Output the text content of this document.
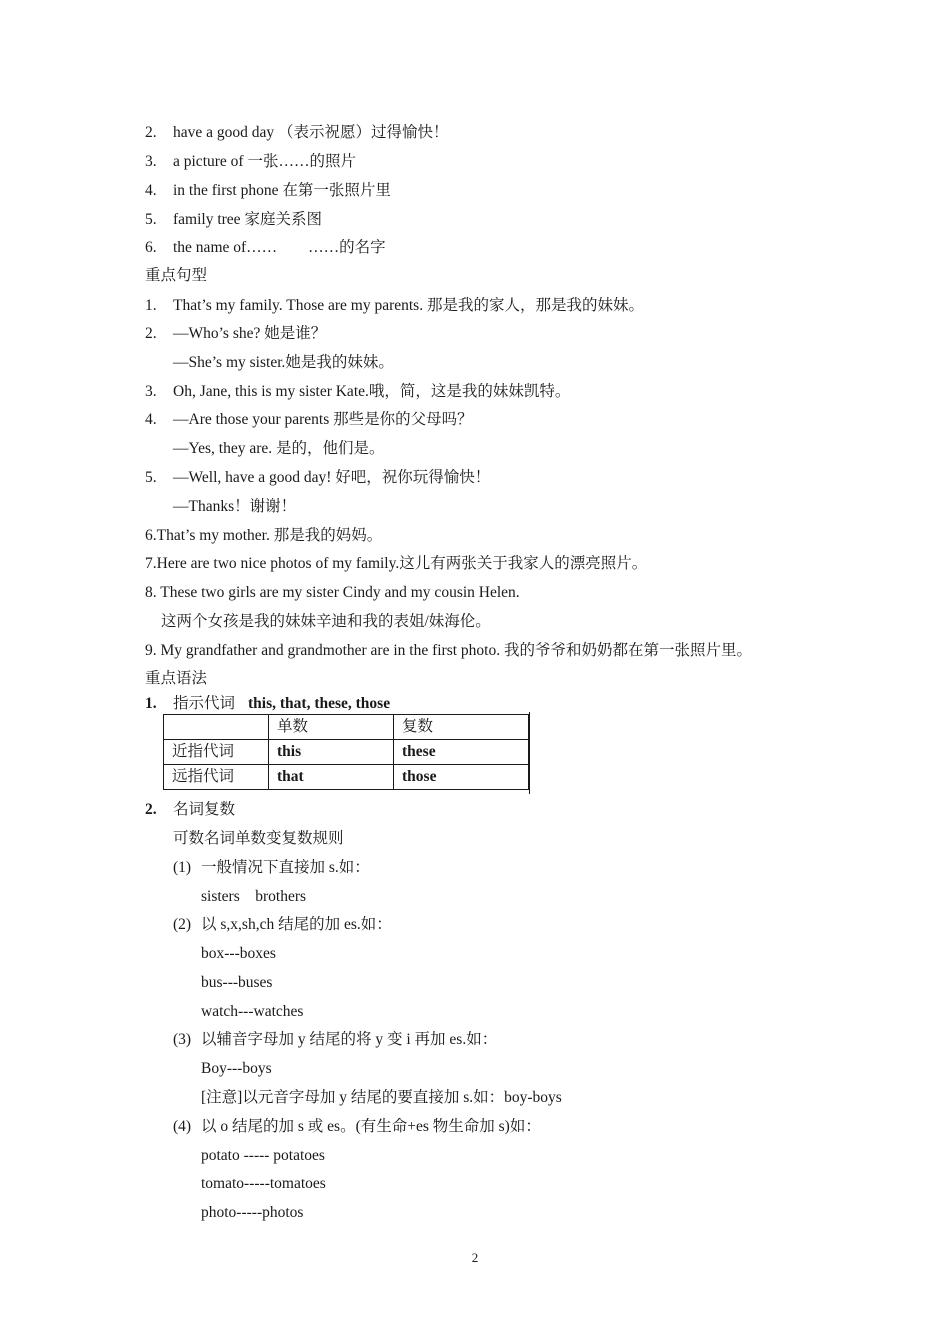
2. have a good day （表示祝愿）过得愉快！
3. a picture of 一张……的照片
4. in the first phone 在第一张照片里
5. family tree 家庭关系图
6. the name of……　　……的名字
重点句型
1. That’s my family. Those are my parents. 那是我的家人，那是我的妹妹。
2. —Who’s she? 她是谁？
—She’s my sister.她是我的妹妹。
3. Oh, Jane, this is my sister Kate.哦，简，这是我的妹妹凯特。
4. —Are those your parents 那些是你的父母吗？
—Yes, they are. 是的，他们是。
5. —Well, have a good day! 好吧，祝你玩得愉快！
—Thanks！谢谢！
6.That’s my mother. 那是我的妈妈。
7.Here are two nice photos of my family.这儿有两张关于我家人的漂亮照片。
8. These two girls are my sister Cindy and my cousin Helen.
这两个女孩是我的妹妹辛迪和我的表姐/妹海伦。
9. My grandfather and grandmother are in the first photo. 我的爷爷和奶奶都在第一张照片里。
重点语法
1. 指示代词 this, that, these, those
	单数	复数
近指代词	this	these
远指代词	that	those
2. 名词复数
可数名词单数变复数规则
(1) 一般情况下直接加 s.如：
sisters　brothers
(2) 以 s,x,sh,ch 结尾的加 es.如：
box---boxes
bus---buses
watch---watches
(3) 以辅音字母加 y 结尾的将 y 变 i 再加 es.如：
Boy---boys
[注意]以元音字母加 y 结尾的要直接加 s.如：boy-boys
(4) 以 o 结尾的加 s 或 es。(有生命+es 物生命加 s)如：
potato ----- potatoes
tomato-----tomatoes
photo-----photos
2
